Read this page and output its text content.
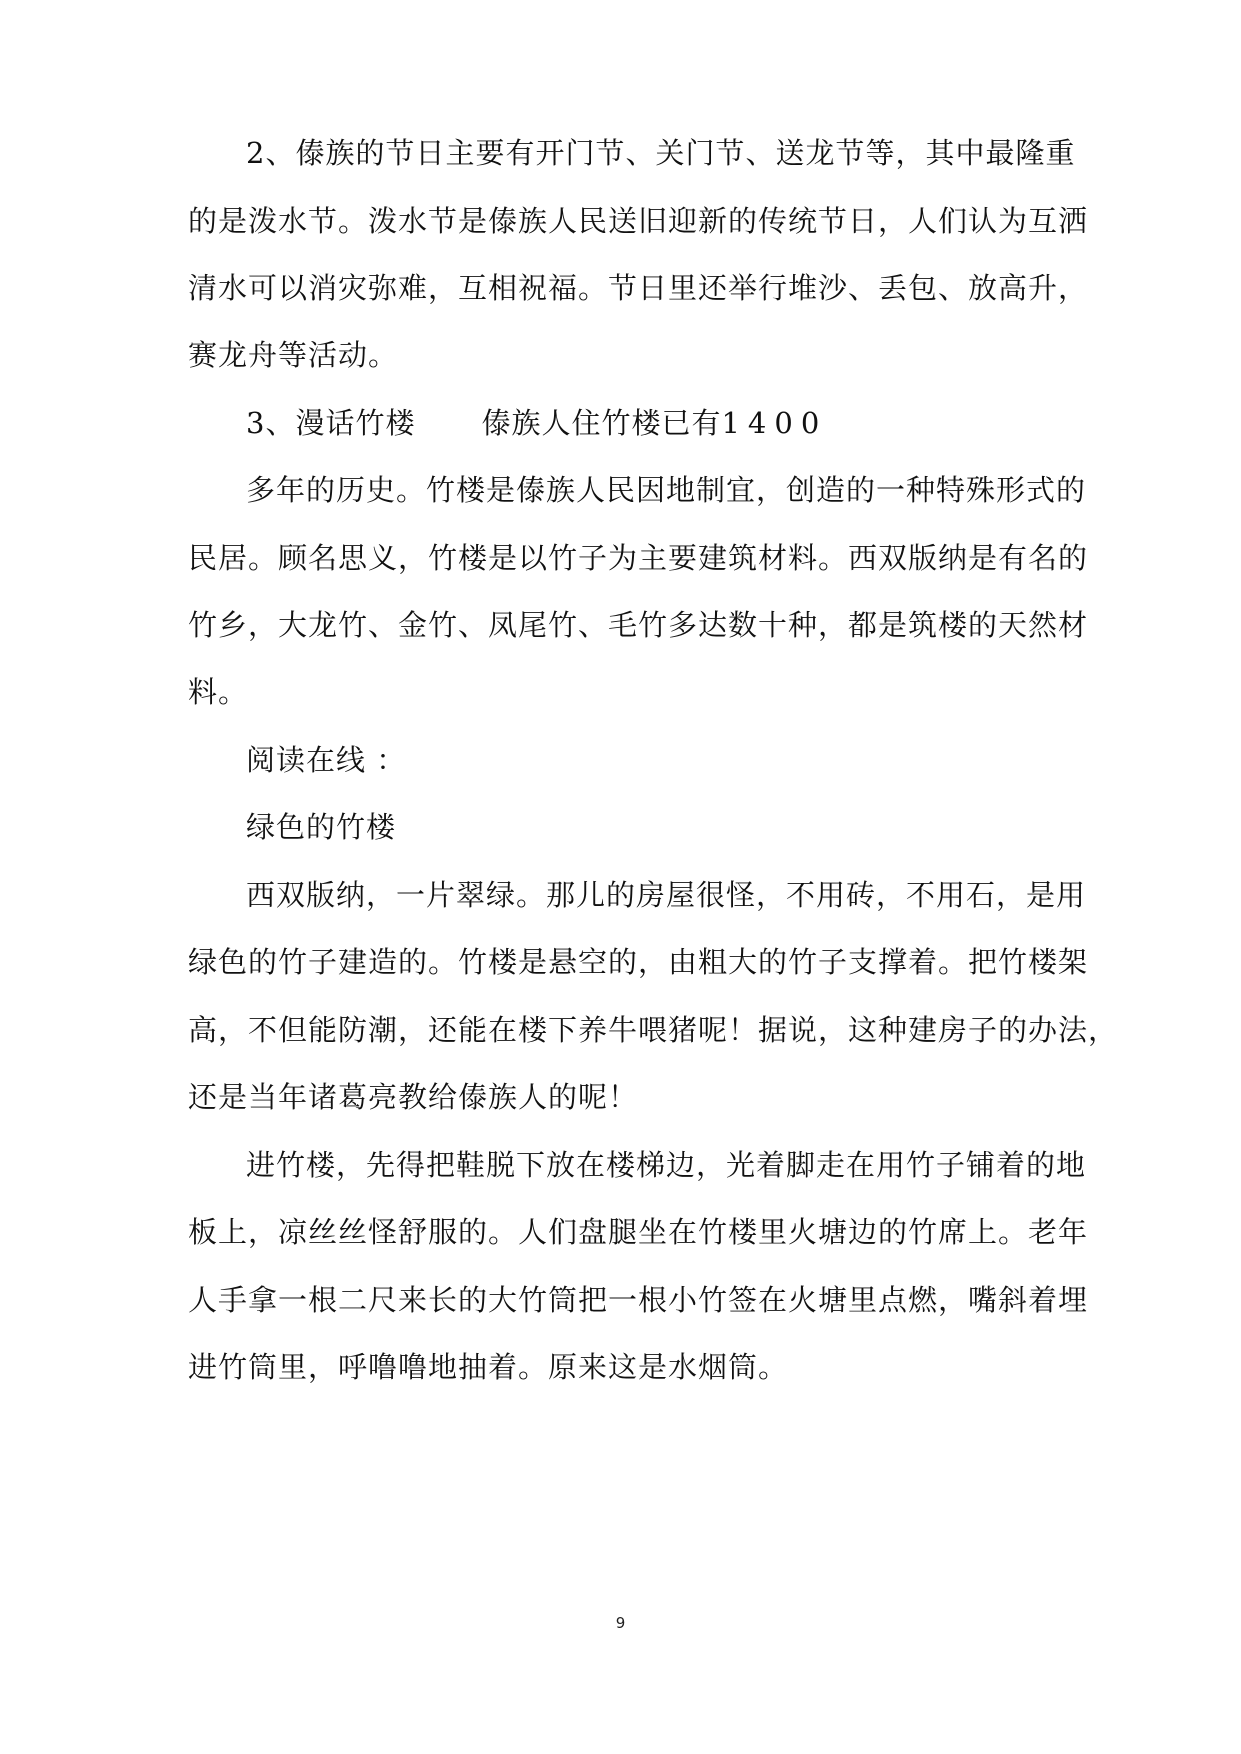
2、傣族的节日主要有开门节、关门节、送龙节等，其中最隆重
的是泼水节。泼水节是傣族人民送旧迎新的传统节日，人们认为互洒
清水可以消灾弥难，互相祝福。节日里还举行堆沙、丢包、放高升，
赛龙舟等活动。
3、漫话竹楼 傣族人住竹楼已有1400
多年的历史。竹楼是傣族人民因地制宜，创造的一种特殊形式的
民居。顾名思义，竹楼是以竹子为主要建筑材料。西双版纳是有名的
竹乡，大龙竹、金竹、凤尾竹、毛竹多达数十种，都是筑楼的天然材
料。
阅读在线 ：
绿色的竹楼
西双版纳，一片翠绿。那儿的房屋很怪，不用砖，不用石，是用
绿色的竹子建造的。竹楼是悬空的，由粗大的竹子支撑着。把竹楼架
高，不但能防潮，还能在楼下养牛喂猪呢！据说，这种建房子的办法，
还是当年诸葛亮教给傣族人的呢！
进竹楼，先得把鞋脱下放在楼梯边，光着脚走在用竹子铺着的地
板上，凉丝丝怪舒服的。人们盘腿坐在竹楼里火塘边的竹席上。老年
人手拿一根二尺来长的大竹筒把一根小竹签在火塘里点燃，嘴斜着埋
进竹筒里，呼噜噜地抽着。原来这是水烟筒。
9
